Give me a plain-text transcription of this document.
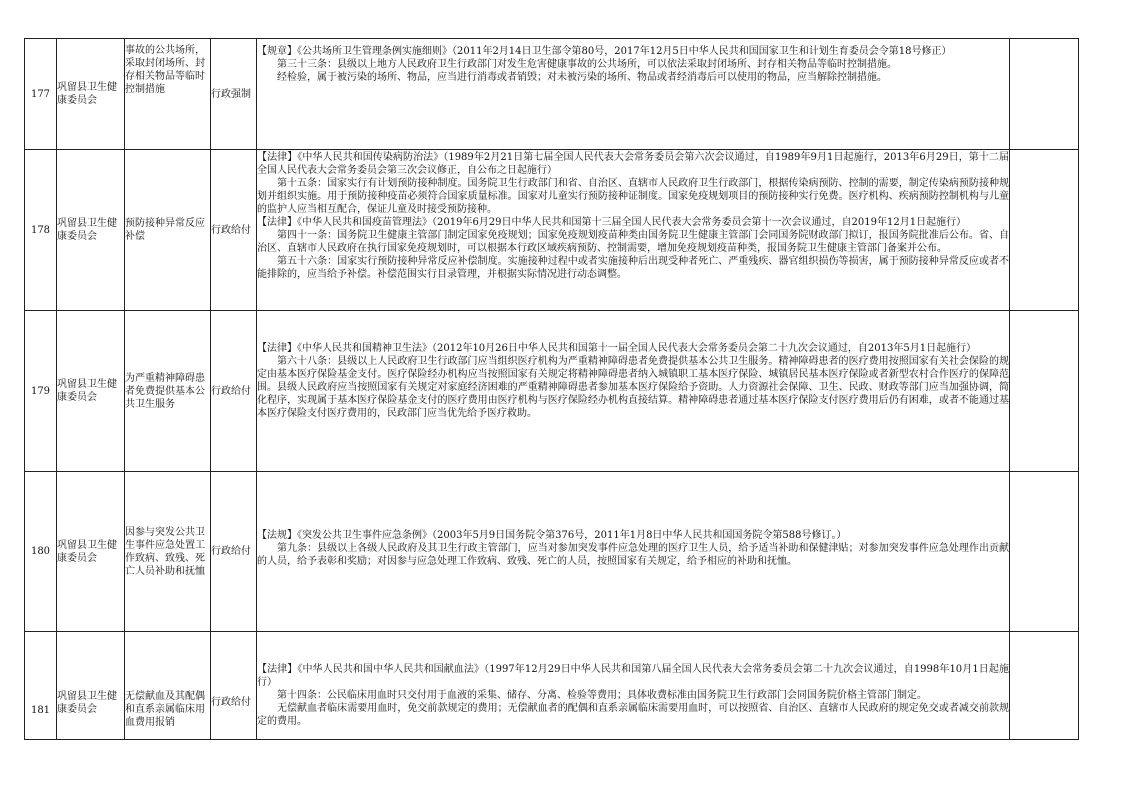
177	巩留县卫生健康委员会	事故的公共场所，采取封闭场所、封存相关物品等临时控制措施	行政强制	【规章】《公共场所卫生管理条例实施细则》（2011年2月14日卫生部令第80号，2017年12月5日中华人民共和国国家卫生和计划生育委员会令第18号修正）

第三十三条：县级以上地方人民政府卫生行政部门对发生危害健康事故的公共场所，可以依法采取封闭场所、封存相关物品等临时控制措施。

经检验，属于被污染的场所、物品，应当进行消毒或者销毁；对未被污染的场所、物品或者经消毒后可以使用的物品，应当解除控制措施。	

178	巩留县卫生健康委员会	预防接种异常反应补偿	行政给付	【法律】《中华人民共和国传染病防治法》（1989年2月21日第七届全国人民代表大会常务委员会第六次会议通过，自1989年9月1日起施行，2013年6月29日，第十二届全国人民代表大会常务委员会第三次会议修正，自公布之日起施行）

第十五条：国家实行有计划预防接种制度。国务院卫生行政部门和省、自治区、直辖市人民政府卫生行政部门，根据传染病预防、控制的需要，制定传染病预防接种规划并组织实施。用于预防接种疫苗必须符合国家质量标准。国家对儿童实行预防接种证制度。国家免疫规划项目的预防接种实行免费。医疗机构、疾病预防控制机构与儿童的监护人应当相互配合，保证儿童及时接受预防接种。

【法律】《中华人民共和国疫苗管理法》（2019年6月29日中华人民共和国第十三届全国人民代表大会常务委员会第十一次会议通过，自2019年12月1日起施行）

第四十一条：国务院卫生健康主管部门制定国家免疫规划；国家免疫规划疫苗种类由国务院卫生健康主管部门会同国务院财政部门拟订，报国务院批准后公布。省、自治区、直辖市人民政府在执行国家免疫规划时，可以根据本行政区域疾病预防、控制需要，增加免疫规划疫苗种类，报国务院卫生健康主管部门备案并公布。

第五十六条：国家实行预防接种异常反应补偿制度。实施接种过程中或者实施接种后出现受种者死亡、严重残疾、器官组织损伤等损害，属于预防接种异常反应或者不能排除的，应当给予补偿。补偿范围实行目录管理，并根据实际情况进行动态调整。	

179	巩留县卫生健康委员会	为严重精神障碍患者免费提供基本公共卫生服务	行政给付	【法律】《中华人民共和国精神卫生法》（2012年10月26日中华人民共和国第十一届全国人民代表大会常务委员会第二十九次会议通过，自2013年5月1日起施行）

第六十八条：县级以上人民政府卫生行政部门应当组织医疗机构为严重精神障碍患者免费提供基本公共卫生服务。精神障碍患者的医疗费用按照国家有关社会保险的规定由基本医疗保险基金支付。医疗保险经办机构应当按照国家有关规定将精神障碍患者纳入城镇职工基本医疗保险、城镇居民基本医疗保险或者新型农村合作医疗的保障范围。县级人民政府应当按照国家有关规定对家庭经济困难的严重精神障碍患者参加基本医疗保险给予资助。人力资源社会保障、卫生、民政、财政等部门应当加强协调，简化程序，实现属于基本医疗保险基金支付的医疗费用由医疗机构与医疗保险经办机构直接结算。精神障碍患者通过基本医疗保险支付医疗费用后仍有困难，或者不能通过基本医疗保险支付医疗费用的，民政部门应当优先给予医疗救助。	

180	巩留县卫生健康委员会	因参与突发公共卫生事件应急处置工作致病、致残、死亡人员补助和抚恤	行政给付	【法规】《突发公共卫生事件应急条例》（2003年5月9日国务院令第376号，2011年1月8日中华人民共和国国务院令第588号修订。）

第九条：县级以上各级人民政府及其卫生行政主管部门，应当对参加突发事件应急处理的医疗卫生人员，给予适当补助和保健津贴；对参加突发事件应急处理作出贡献的人员，给予表彰和奖励；对因参与应急处理工作致病、致残、死亡的人员，按照国家有关规定，给予相应的补助和抚恤。	

181	巩留县卫生健康委员会	无偿献血及其配偶和直系亲属临床用血费用报销	行政给付	【法律】《中华人民共和国中华人民共和国献血法》（1997年12月29日中华人民共和国第八届全国人民代表大会常务委员会第二十九次会议通过，自1998年10月1日起施行）

第十四条：公民临床用血时只交付用于血液的采集、储存、分离、检验等费用；具体收费标准由国务院卫生行政部门会同国务院价格主管部门制定。

无偿献血者临床需要用血时，免交前款规定的费用；无偿献血者的配偶和直系亲属临床需要用血时，可以按照省、自治区、直辖市人民政府的规定免交或者减交前款规定的费用。	
